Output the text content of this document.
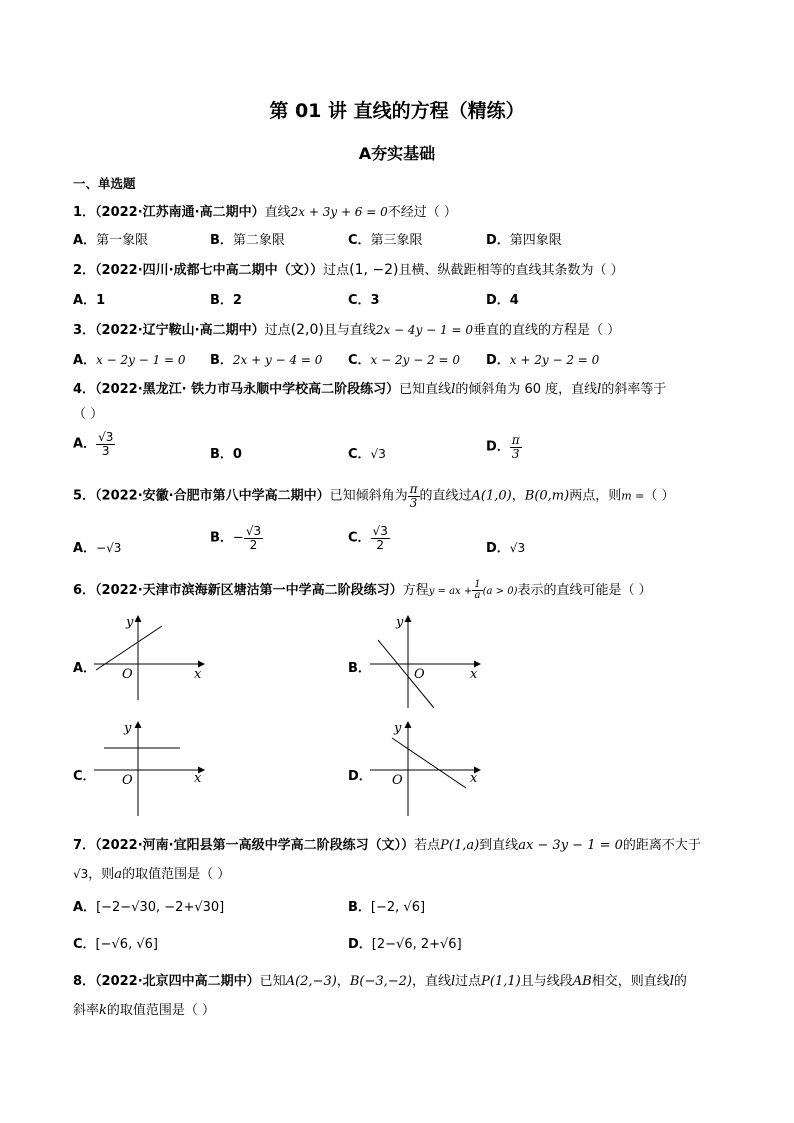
第 01 讲 直线的方程（精练）
A夯实基础
一、单选题
1．（2022·江苏南通·高二期中）直线2x + 3y + 6 = 0不经过（ ）
A．第一象限	B．第二象限	C．第三象限	D．第四象限
2．（2022·四川·成都七中高二期中（文））过点(1, −2)且横、纵截距相等的直线其条数为（ ）
A．1	B．2	C．3	D．4
3．（2022·辽宁鞍山·高二期中）过点(2,0)且与直线2x − 4y − 1 = 0垂直的直线的方程是（ ）
A．x − 2y − 1 = 0 B．2x + y − 4 = 0 C．x − 2y − 2 = 0 D．x + 2y − 2 = 0
4．（2022·黑龙江· 铁力市马永顺中学校高二阶段练习）已知直线l的倾斜角为 60 度，直线l的斜率等于
（ ）
A． $\frac{√3}{3}$	B．0	C．√3	D． $\frac{\pi}{3}$
5．（2022·安徽·合肥市第八中学高二期中）已知倾斜角为 $\frac{\pi}{3}$ 的直线过A(1,0)，B(0,m)两点，则m =（ ）
A．−√3
B．− $\frac{√3}{2}$	C． $\frac{√3}{2}$	D．√3
6．（2022·天津市滨海新区塘沽第一中学高二阶段练习）方程y = ax + $\frac{1}{a} (a > 0)$表示的直线可能是（ ）
A．	B．
C．	D．
y
x
O
y
x
O
y
x
O
y
x
O
7．（2022·河南·宜阳县第一高级中学高二阶段练习（文））若点P(1,a)到直线ax − 3y − 1 = 0的距离不大于
√3，则a的取值范围是（ ）
A．[−2−√30, −2+√30]	B．[−2, √6]
C．[−√6, √6]	D．[2−√6, 2+√6]
8．（2022·北京四中高二期中）已知A(2,−3)，B(−3,−2)，直线l过点P(1,1)且与线段AB相交，则直线l的
斜率k的取值范围是（ ）
